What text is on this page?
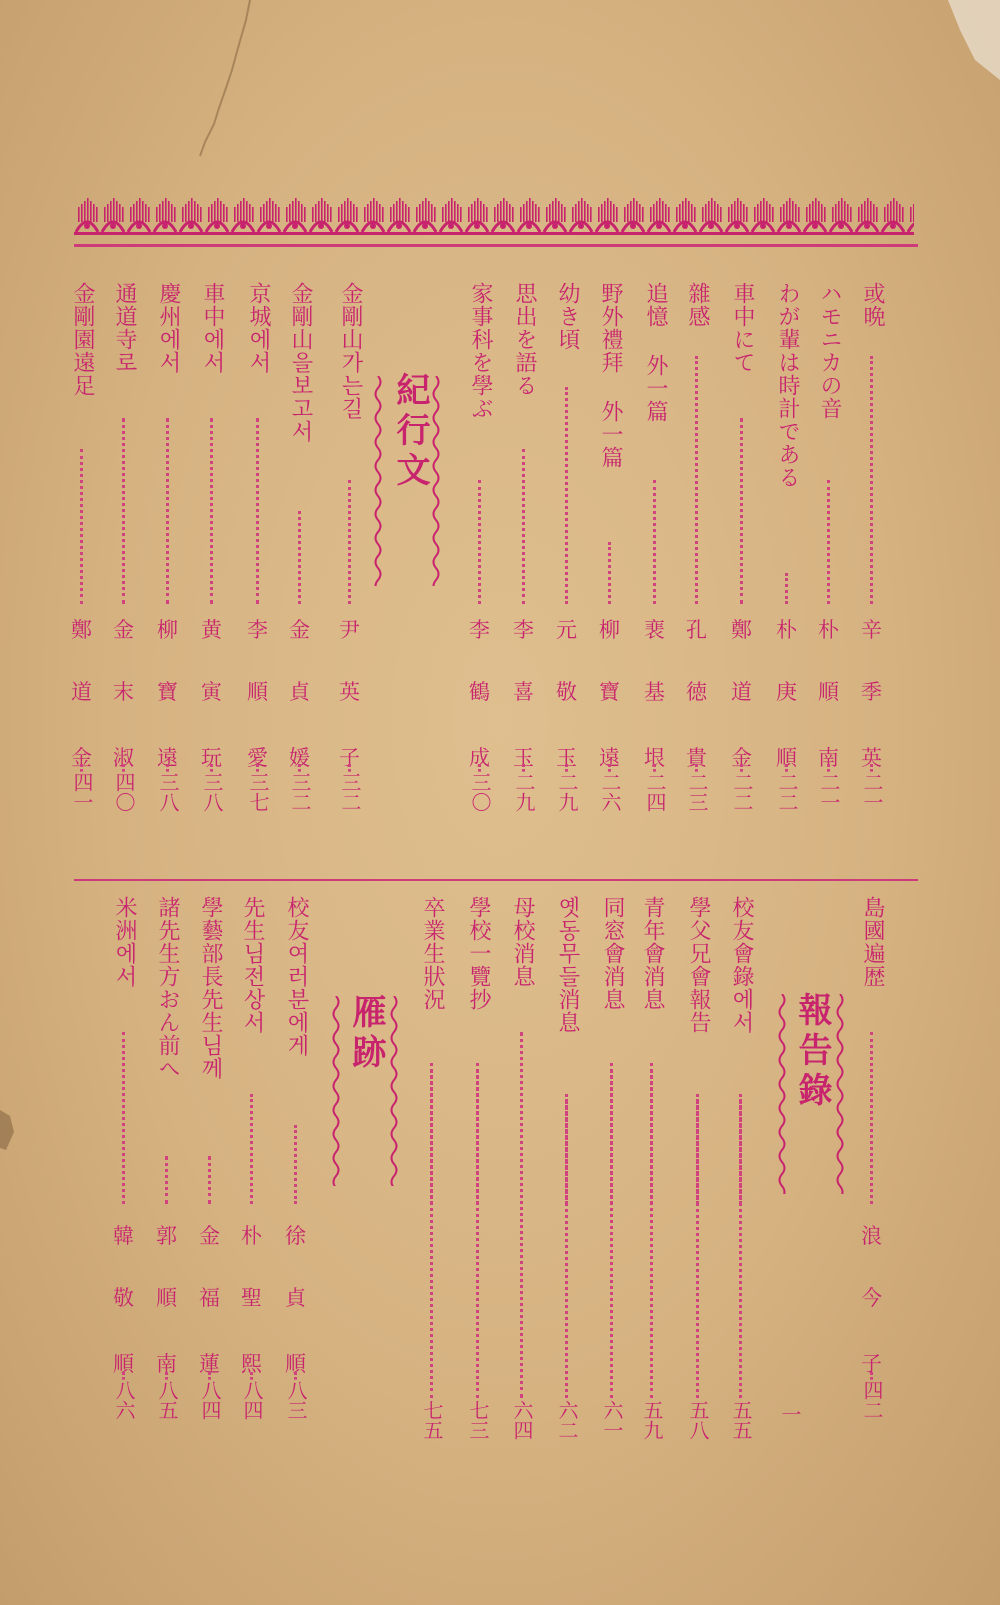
紀行文
報告錄
雁跡
或晩
辛
季
英
二一
ハモニカの音
朴
順
南
二一
わが輩は時計である
朴
庚
順
二二
車中にて
鄭
道
金
二二
雜感
孔
徳
貴
二三
追憶 外一篇
裵
基
垠
二四
野外禮拜 外一篇
柳
寶
遠
二六
幼き頃
元
敬
玉
二九
思出を語る
李
喜
玉
二九
家事科を學ぶ
李
鶴
成
三〇
金剛山가는길
尹
英
子
三二
金剛山을보고서
金
貞
媛
三二
京城에서
李
順
愛
三七
車中에서
黄
寅
玩
三八
慶州에서
柳
寶
遠
三八
通道寺로
金
末
淑
四〇
金剛園遠足
鄭
道
金
四一
島國遍歴
浪
今
子
四二
一
校友會錄에서
五五
學父兄會報告
五八
青年會消息
五九
同窓會消息
六一
옛동무들消息
六二
母校消息
六四
學校一覽抄
七三
卒業生狀況
七五
校友여러분에게
徐
貞
順
八三
先生님전상서
朴
聖
熙
八四
學藝部長先生님께
金
福
蓮
八四
諸先生方おん前へ
郭
順
南
八五
米洲에서
韓
敬
順
八六
